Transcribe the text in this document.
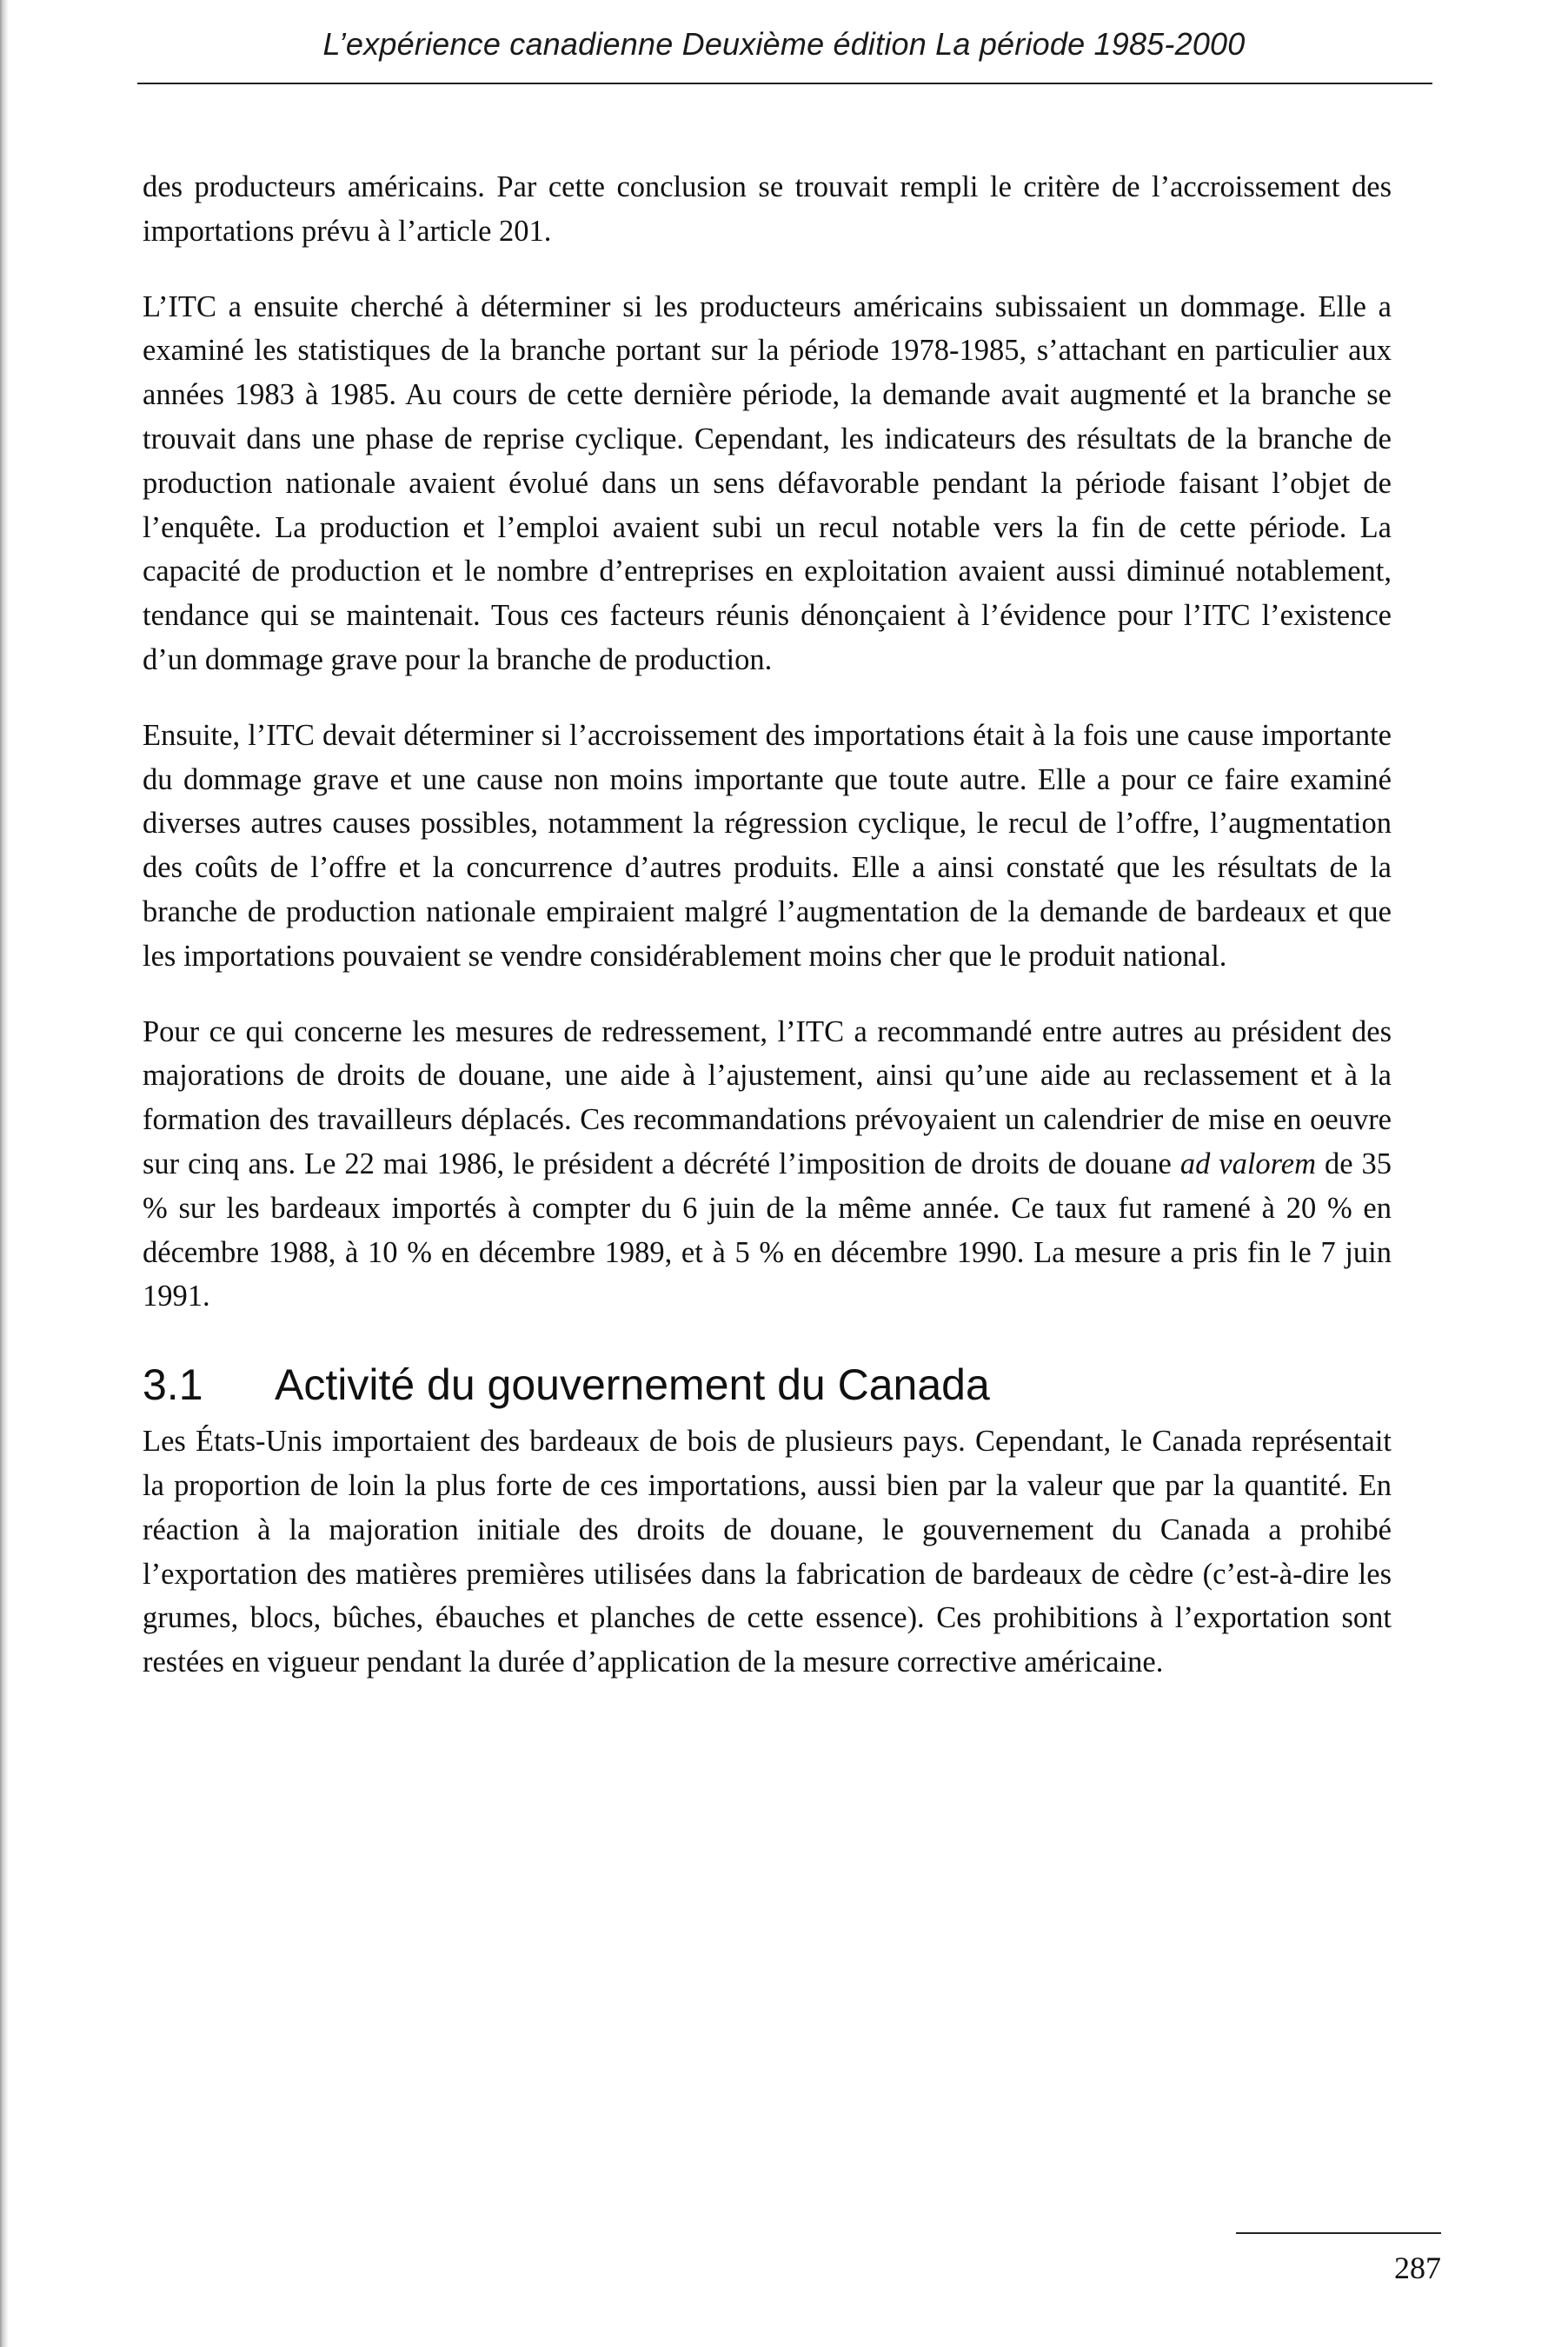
L’expérience canadienne Deuxième édition La période 1985-2000

des producteurs américains. Par cette conclusion se trouvait rempli le critère de l’accroissement des importations prévu à l’article 201.

L’ITC a ensuite cherché à déterminer si les producteurs américains subissaient un dommage. Elle a examiné les statistiques de la branche portant sur la période 1978-1985, s’attachant en particulier aux années 1983 à 1985. Au cours de cette dernière période, la demande avait augmenté et la branche se trouvait dans une phase de reprise cyclique. Cependant, les indicateurs des résultats de la branche de production nationale avaient évolué dans un sens défavorable pendant la période faisant l’objet de l’enquête. La production et l’emploi avaient subi un recul notable vers la fin de cette période. La capacité de production et le nombre d’entreprises en exploitation avaient aussi diminué notablement, tendance qui se maintenait. Tous ces facteurs réunis dénonçaient à l’évidence pour l’ITC l’existence d’un dommage grave pour la branche de production.

Ensuite, l’ITC devait déterminer si l’accroissement des importations était à la fois une cause importante du dommage grave et une cause non moins importante que toute autre. Elle a pour ce faire examiné diverses autres causes possibles, notamment la régression cyclique, le recul de l’offre, l’augmentation des coûts de l’offre et la concurrence d’autres produits. Elle a ainsi constaté que les résultats de la branche de production nationale empiraient malgré l’augmentation de la demande de bardeaux et que les importations pouvaient se vendre considérablement moins cher que le produit national.

Pour ce qui concerne les mesures de redressement, l’ITC a recommandé entre autres au président des majorations de droits de douane, une aide à l’ajustement, ainsi qu’une aide au reclassement et à la formation des travailleurs déplacés. Ces recommandations prévoyaient un calendrier de mise en oeuvre sur cinq ans. Le 22 mai 1986, le président a décrété l’imposition de droits de douane ad valorem de 35 % sur les bardeaux importés à compter du 6 juin de la même année. Ce taux fut ramené à 20 % en décembre 1988, à 10 % en décembre 1989, et à 5 % en décembre 1990. La mesure a pris fin le 7 juin 1991.

3.1 Activité du gouvernement du Canada

Les États-Unis importaient des bardeaux de bois de plusieurs pays. Cependant, le Canada représentait la proportion de loin la plus forte de ces importations, aussi bien par la valeur que par la quantité. En réaction à la majoration initiale des droits de douane, le gouvernement du Canada a prohibé l’exportation des matières premières utilisées dans la fabrication de bardeaux de cèdre (c’est-à-dire les grumes, blocs, bûches, ébauches et planches de cette essence). Ces prohibitions à l’exportation sont restées en vigueur pendant la durée d’application de la mesure corrective américaine.

287
